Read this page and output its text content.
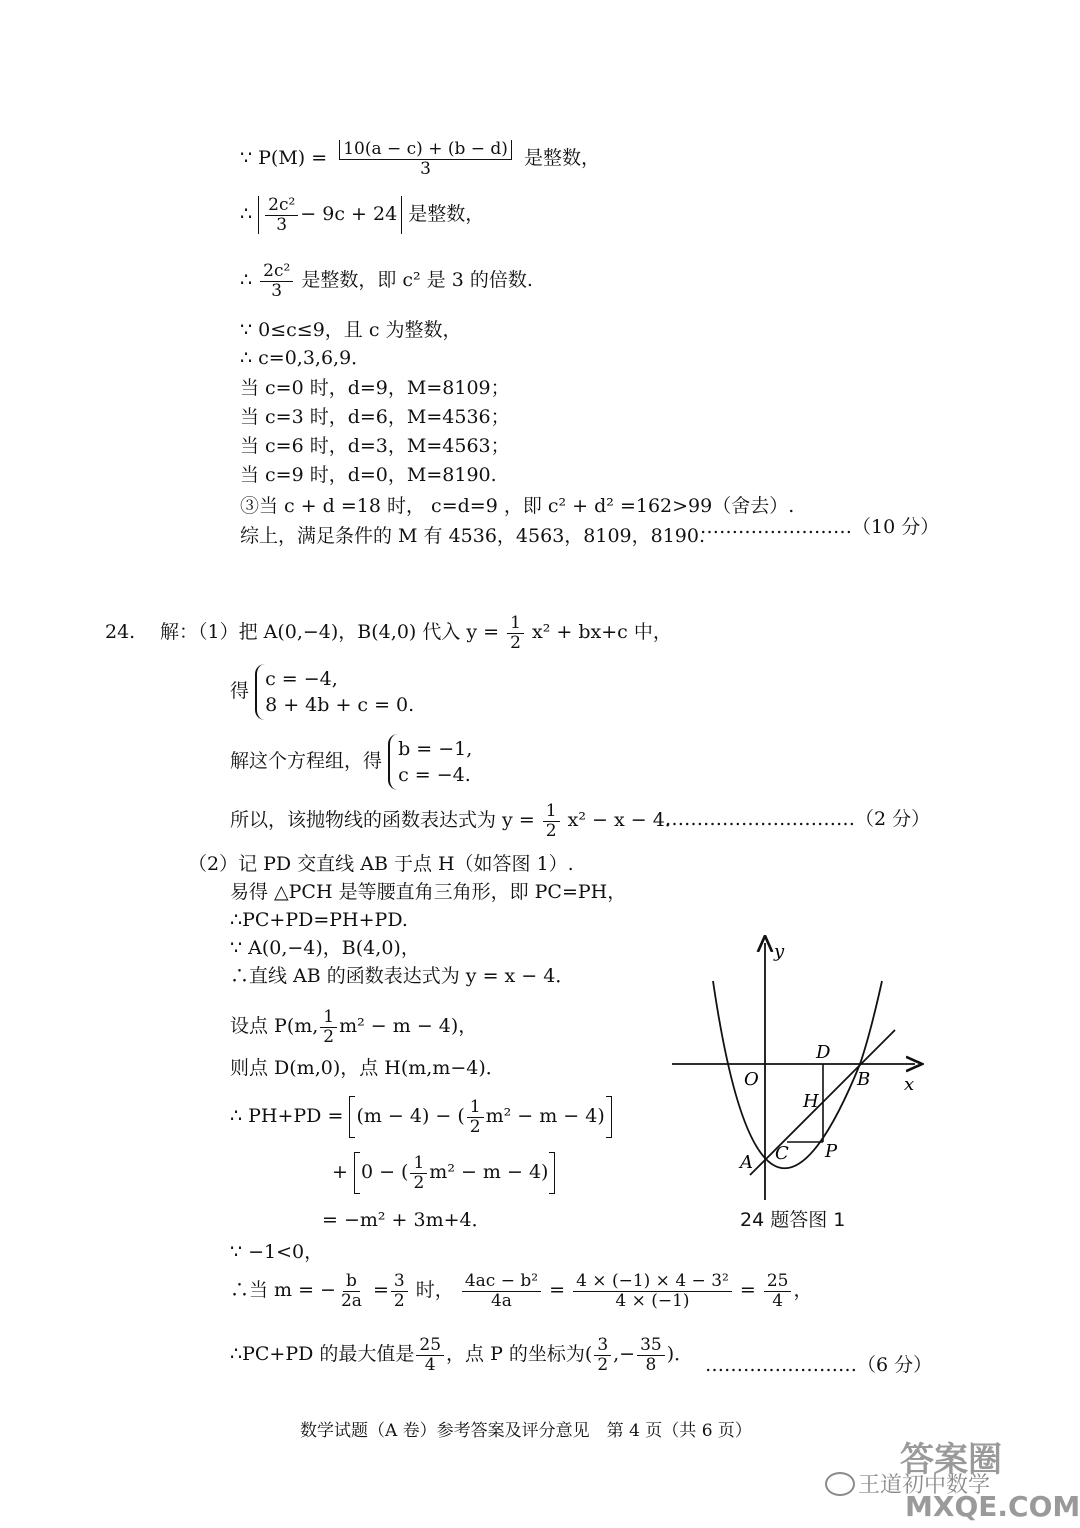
∵ $P(M) = \frac{10(a - c) + (b - d)}{3}$ 是整数，
∴ $\frac{\text{2c²}}{3} - 9c + 24$ 是整数，
∴ $\frac{\text{2c²}}{3}$ 是整数，即 c² 是 3 的倍数.
∵ 0≤c≤9，且 c 为整数，
∴ c=0,3,6,9．
当 c=0 时，d=9，M=8109；
当 c=3 时，d=6，M=4536；
当 c=6 时，d=3，M=4563；
当 c=9 时，d=0，M=8190.
③当 c + d =18 时， c=d=9 ，即 c² + d² =162>99（舍去）.
综上，满足条件的 M 有 4536，4563，8109，8190.
……………………（10 分）
24. 解：（1）把 A(0,−4)，B(4,0) 代入 $y = \frac{1}{2} x^2 + bx+c$ 中，
得
c = −4,
8 + 4b + c = 0.
解这个方程组，得
b = −1,
c = −4.
所以，该抛物线的函数表达式为 $y = \frac{1}{2} x^2 - x - 4$．
…………………………（2 分）
（2）记 PD 交直线 AB 于点 H（如答图 1）.
易得 △PCH 是等腰直角三角形，即 PC=PH，
∴PC+PD=PH+PD.
∵ A(0,−4)，B(4,0)，
∴直线 AB 的函数表达式为 y = x − 4．
设点 P(m, $\frac{1}{2} m^2 - m - 4$)，
则点 D(m,0)，点 H(m,m−4)．
∴ PH+PD = (m − 4) − ( $\frac{1}{2} m^2 - m - 4$)
+ 0 − ( $\frac{1}{2} m^2 - m - 4$)
= −m² + 3m+4．
∵ −1<0，
∴当 m = − $\frac{b}{2a} = \frac{3}{2}$ 时， $\frac{\text{4ac − b²}}{4a} = \frac{\text{4 × (−1) × 4 − 3²}}{4 \times (-1)} = \frac{25}{4}$ ，
∴PC+PD 的最大值是 $\frac{25}{4}$ ，点 P 的坐标为( $\frac{3}{2}$ ,− $\frac{35}{8}$ )． ……………………（6 分）
y
x
O
D
B
H
A C P
24 题答图 1
数学试题（A 卷）参考答案及评分意见　第 4 页（共 6 页）
王道初中数学
答案圈
MXQE.COM
